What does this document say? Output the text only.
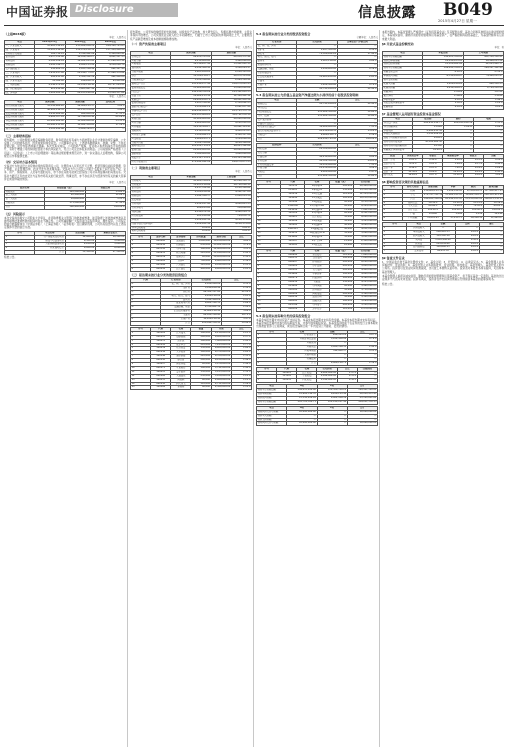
中国证券报 Disclosure	信息披露 B049
2015年4月27日 星期一
（上接B048版）
单位：人民币元
项目	2015年1-3月	2014年度	2013年度
一、营业总收入	45,620,318.24	213,409,856.11	188,520,743.65
减：营业成本	31,205,118.06	152,870,234.52	137,418,906.20
营业税金及附加	326,754.12	1,518,422.06	1,340,865.41
销售费用	2,417,352.80	10,856,340.27	9,621,507.33
管理费用	4,508,126.44	19,402,615.08	17,260,931.18
财务费用	1,092,546.37	4,820,153.91	4,156,208.74
资产减值损失	118,402.55	1,025,316.40	862,147.90
二、营业利润	5,952,017.90	22,916,773.87	17,860,176.89
加：营业外收入	206,415.00	1,308,552.16	962,480.00
减：营业外支出	12,360.48	186,209.53	95,412.66
三、利润总额	6,146,072.42	24,039,116.50	18,727,244.23
减：所得税费用	921,910.86	3,605,867.48	2,809,086.63
四、净利润	5,224,161.56	20,433,249.02	15,918,157.60
单位：人民币元
项目	期末余额	期初余额	变动比例
经营活动现金流入	52,318,604.20	49,806,215.37	5.04%
经营活动现金流出	46,902,118.55	45,113,470.82	3.96%
投资活动现金流入	1,250,000.00	980,000.00	27.55%
投资活动现金流出	8,604,327.16	12,516,830.44	-31.26%
筹资活动现金流入	20,000,000.00	15,000,000.00	33.33%
筹资活动现金流出	16,480,215.63	14,062,508.20	17.19%
现金净增加额	1,581,942.86	-5,906,593.27	—
（三）主要财务指标

报告期内，公司按照相关规定编制财务报表，财务报表在所有重大方面按照企业会计准则的规定编制，公允反映了公司的财务状况、经营成果和现金流量。公司董事会认为，上述财务数据真实、准确、完整，不存在虚假记载、误导性陈述或重大遗漏。本次交易完成后，公司的资产规模、营业收入和净利润水平将得到提升，有利于增强公司的持续经营能力和抗风险能力，符合公司及全体股东的利益。公司将继续严格按照《公司法》、《证券法》、《上市公司治理准则》等法律法规的要求规范运作，进一步完善法人治理结构，保障公司规范运作和健康发展。

（四）交易对方基本情况

交易对方为依法设立并有效存续的有限责任公司，注册资本人民币伍仟万元整，经营范围包括投资管理、资产管理、企业管理咨询、技术开发与技术服务等。交易对方与公司及公司前十名股东之间不存在产权、业务、资产、债权债务、人员等方面的关系，亦不存在其他可能或已经造成公司对其利益倾斜的其他关系。交易对方最近五年内未受过与证券市场有关的行政处罚、刑事处罚，亦不存在涉及与经济纠纷有关的重大民事诉讼或者仲裁的情况。

单位：人民币元
股东名称	持股数量（股）	持股比例
控股股东	128,560,000	35.62%
第二大股东	42,180,000	11.69%
第三大股东	18,600,000	5.15%
其他股东	171,560,000	47.54%
合计	360,900,000	100.00%
（五）风险提示

本次交易尚需提交公司股东大会审议，并需取得相关主管部门的批准或核准，能否取得上述批准或核准以及最终取得批准或核准的时间均存在不确定性。公司郑重提醒广大投资者注意投资风险，理性投资。公司指定的信息披露媒体为《中国证券报》、《上海证券报》、《证券时报》及巨潮资讯网，公司所有信息均以在上述指定媒体刊登的信息为准。

序号	项目名称	投资总额	募集资金投入
1	生产线技术改造项目	12,800.00	10,500.00
2	研发中心建设项目	6,500.00	5,200.00
3	营销网络建设项目	4,200.00	3,800.00
4	补充流动资金	8,000.00	8,000.00
	合计	31,500.00	27,500.00

特此公告。

报告期内，公司坚持稳健经营的发展战略，持续优化产品结构，加大研发投入，积极拓展市场渠道，主营业务保持平稳增长。公司实现营业总收入较上年同期增长，归属于上市公司股东的净利润同比上升，主要原因系产品销量增加及成本控制措施取得成效。

（一）资产负债表主要项目
单位：人民币元
项目	期末余额	期初余额
货币资金	86,420,315.82	84,838,372.96
应收票据	6,210,000.00	5,480,000.00
应收账款	38,516,207.44	35,902,861.13
预付款项	4,812,360.50	5,106,224.17
其他应收款	1,905,428.61	2,016,583.09
存货	52,306,118.27	49,870,514.66
其他流动资产	3,120,546.80	2,864,309.42
流动资产合计	193,290,977.44	186,078,865.43
长期股权投资	15,600,000.00	15,600,000.00
固定资产	142,816,354.09	145,302,618.55
在建工程	18,604,215.36	12,508,402.14
无形资产	26,480,100.72	26,912,450.38
长期待摊费用	1,205,316.40	1,318,062.25
递延所得税资产	2,108,642.19	2,061,837.44
非流动资产合计	206,814,628.76	203,703,370.76
资产总计	400,105,606.20	389,782,236.19
短期借款	45,000,000.00	40,000,000.00
应付票据	8,600,000.00	9,200,000.00
应付账款	32,418,506.27	30,862,114.95
预收款项	5,216,830.40	4,908,215.63
应付职工薪酬	3,108,642.15	4,520,317.86
应交税费	2,806,415.73	3,114,208.20
其他应付款	4,502,318.66	4,218,506.02
流动负债合计	101,652,713.21	96,823,362.66
长期借款	20,000,000.00	20,000,000.00
递延收益	3,560,000.00	3,680,000.00
负债合计	125,212,713.21	120,503,362.66
所有者权益合计	274,892,892.99	269,278,873.53
（二）利润表主要项目
单位：人民币元
项目	本期金额	上期金额
营业收入	45,620,318.24	41,206,518.73
营业成本	31,205,118.06	28,740,206.15
销售费用	2,417,352.80	2,210,508.62
管理费用	4,508,126.44	4,102,317.08
财务费用	1,092,546.37	1,008,214.56
投资收益	—	—
营业利润	5,952,017.90	4,820,615.33
营业外收入	206,415.00	158,000.00
利润总额	6,146,072.42	4,960,204.71
所得税费用	921,910.86	744,030.71
净利润	5,224,161.56	4,216,174.00
归属于母公司净利润	5,224,161.56	4,216,174.00
基本每股收益	0.0145	0.0117
稀释每股收益	0.0145	0.0117
序号	证券代码	证券简称	持有数量	期末市值	占比
1	600000	浦发银行	1,200,000	18,936,000.00	4.62%
2	600036	招商银行	850,000	15,402,000.00	3.76%
3	601318	中国平安	160,000	12,808,000.00	3.13%
4	000651	格力电器	220,000	11,946,000.00	2.92%
5	600519	贵州茅台	40,000	10,408,000.00	2.54%
6	000002	万科A	700,000	9,660,000.00	2.36%
7	601166	兴业银行	520,000	8,814,000.00	2.15%
8	600016	民生银行	900,000	8,406,000.00	2.05%
（三）报告期末按行业分类的股票投资组合
代码	行业类别	公允价值	占比
A	农、林、牧、渔业	2,106,418.00	0.51%
B	采矿业	5,418,206.40	1.32%
C	制造业	86,502,317.62	21.12%
D	电力、热力、燃气	4,206,118.00	1.03%
E	建筑业	3,814,506.20	0.93%
F	批发和零售业	6,902,314.55	1.69%
G	交通运输、仓储	4,518,602.30	1.10%
I	信息技术服务业	12,604,218.16	3.08%
J	金融业	68,420,516.80	16.71%
K	房地产业	14,206,118.42	3.47%
	合计	208,699,336.45	50.96%
序号	代码	名称	数量	市值	占比
1	300124	汇川技术	180,000	9,216,000.00	2.25%
2	002415	海康威视	240,000	8,904,000.00	2.17%
3	300070	碧水源	160,000	7,808,000.00	1.91%
4	002241	歌尔声学	210,000	7,245,000.00	1.77%
5	300059	东方财富	150,000	6,900,000.00	1.68%
6	002236	大华股份	190,000	6,574,000.00	1.61%
7	300146	汤臣倍健	220,000	6,358,000.00	1.55%
8	002450	康得新	200,000	6,120,000.00	1.49%
9	300017	网宿科技	90,000	5,976,000.00	1.46%
10	002475	立讯精密	180,000	5,742,000.00	1.40%
11	300015	爱尔眼科	150,000	5,415,000.00	1.32%
12	002008	大族激光	230,000	5,106,000.00	1.25%
13	300033	同花顺	60,000	4,968,000.00	1.21%
14	002230	科大讯飞	110,000	4,752,000.00	1.16%
15	300104	乐视网	80,000	4,560,000.00	1.11%
5.2 报告期末按行业分类的股票投资组合
金额单位：人民币元
行业类别	公允价值	占基金资产净值比例
农、林、牧、渔业	—	—
采矿业	1,267,300.00	0.30%
制造业	71,308,652.18	17.42%
电力、热力、燃气	—	—
建筑业	2,805,116.00	0.68%
批发和零售业	—	—
交通运输、仓储	1,618,400.00	0.39%
住宿和餐饮业	—	—
信息技术服务业	11,605,200.00	2.83%
金融业	—	—
房地产业	3,204,500.00	0.78%
合计	91,791,168.18	22.40%
5.3 报告期末按公允价值占基金资产净值比例大小排序的前十名股票投资明细
项目	金额	占比
权益投资	91,791,168.18	22.40%
基金投资	—	—
固定收益投资	215,604,300.00	52.64%
其中：债券	215,604,300.00	52.64%
资产支持证券	—	—
金融衍生品投资	—	—
买入返售金融资产	30,000,000.00	7.33%
银行存款和结算备付金	62,418,206.55	15.24%
其他资产	9,806,118.72	2.39%
合计	409,619,793.45	100.00%
债券品种	公允价值	占比
国家债券	20,306,000.00	4.96%
央行票据	—	—
金融债券	40,218,000.00	9.82%
企业债券	98,504,300.00	24.05%
企业短期融资券	30,120,000.00	7.35%
中期票据	20,456,000.00	4.99%
可转债	6,000,000.00	1.47%
合计	215,604,300.00	52.64%
序号	代码	名称	数量（张）	公允价值
1	122152	12国电01	200,000	20,408,000.00
2	019405	14国债05	150,000	15,130,500.00
3	122236	12苏交通	120,000	12,144,000.00
4	124290	13宁城投	100,000	10,230,000.00
5	112198	14海航债	90,000	9,216,000.00
6	1382088	13中电MTN1	80,000	8,184,000.00
7	041458	14首钢CP	70,000	7,042,000.00
8	122328	13华电01	60,000	6,102,000.00
9	110023	民生转债	50,000	6,000,000.00
10	124506	14吉城建	50,000	5,105,000.00
11	122285	13海通01	40,000	4,068,000.00
12	1480123	14渝城投债	40,000	4,052,000.00
13	101451	14陕煤化MTN	30,000	3,060,000.00
14	041460	14华能CP	30,000	3,012,000.00
15	122307	13广汽01	25,000	2,540,000.00
16	124385	13昆交投	20,000	2,030,000.00
序号	代码	名称	数量（股）	公允价值
1	600690	青岛海尔	320,000	7,680,000.00
2	000333	美的集团	180,000	7,020,000.00
3	600887	伊利股份	200,000	6,200,000.00
4	002024	苏宁云商	400,000	5,600,000.00
5	600104	上汽集团	200,000	4,940,000.00
6	601688	华泰证券	180,000	4,680,000.00
7	600276	恒瑞医药	100,000	4,360,000.00
8	000858	五粮液	150,000	4,125,000.00
9	601888	中国国旅	80,000	3,960,000.00
10	002304	洋河股份	50,000	3,750,000.00
11	600406	国电南瑞	200,000	3,560,000.00
12	000538	云南白药	50,000	3,500,000.00
13	600585	海螺水泥	160,000	3,264,000.00
14	601766	中国南车	400,000	3,120,000.00
15	600309	万华化学	120,000	2,976,000.00
5.4 报告期末按券种分类的债券投资组合

本基金本报告期末未持有资产支持证券。本基金本报告期末未持有贵金属。本基金本报告期末未持有权证。本基金本报告期内未参与股指期货交易，未参与国债期货投资。本基金投资的前十名证券的发行主体本期未出现被监管部门立案调查，或在报告编制日前一年内受到公开谴责、处罚的情形。

序号	名称	金额	占比
1	存出保证金	286,415.20	0.07%
2	应收证券清算款	3,104,506.80	0.76%
3	应收股利	—	—
4	应收利息	5,820,316.55	1.42%
5	应收申购款	594,880.17	0.15%
6	其他应收款	—	—
7	待摊费用	—	—
8	合计	9,806,118.72	2.39%
序号	代码	名称	公允价值	占比	受限情况
1	110023	民生转债	6,000,000.00	1.47%	—
2	113005	平安转债	2,160,000.00	0.53%	—
3	110015	石化转债	1,540,000.00	0.38%	—
项目	A类	C类	合计
期初基金份额总额	286,415,208.60	104,506,318.22	390,921,526.82
期间申购份额	12,604,318.55	8,206,115.40	20,810,433.95
期间赎回份额	15,318,206.44	9,802,416.18	25,120,622.62
期末基金份额总额	283,701,320.71	102,910,017.44	386,611,338.15
项目	A类	C类	合计
期初管理人持有份额	10,000,000.00	—	10,000,000.00
期间买入份额	—	—	—
期间卖出份额	—	—	—
期末管理人持有份额	10,000,000.00	—	10,000,000.00

本报告期内，本基金管理人严格遵守《证券投资基金法》及其配套法规、基金合同和其他相关法律法规的规定，本着诚实信用、勤勉尽责的原则管理和运用基金资产，在严格控制风险的基础上，为基金份额持有人谋求最大利益。

§6 开放式基金份额变动
单位：份
项目	本报告期	上年同期
期初基金份额总额	390,921,526.82	402,516,308.41
期间总申购份额	20,810,433.95	18,406,215.30
期间总赎回份额	25,120,622.62	22,815,420.77
期末基金份额总额	386,611,338.15	398,107,102.94
份额变动比例	-1.10%	-1.10%
申购赎回净额	-4,310,188.67	-4,409,205.47
拆分变动份额	—	—
转换入份额	1,206,418.20	980,316.55
转换出份额	2,418,306.15	1,704,518.20
份额净值	1.0526	1.0318
累计净值	1.1826	1.1618
净值增长率	2.03%	1.46%
业绩比较基准收益率	1.85%	1.22%
超额收益	0.18%	0.24%
§7 基金管理人运用固有资金投资本基金情况
项目	报告期	期初	增减
基金资产净值	406,938,018.73	400,815,204.16	1.53%
基金份额净值	1.0526	1.0253	2.66%
本期利润	8,206,415.38	—	—
本期已实现收益	5,318,206.44	—	—
加权平均份额本期利润	0.0211	—	—
期末可供分配利润	50,326,680.58	—	—
期末可供分配份额利润	0.1302	—	—
份额累计净值增长率	18.26%	—	—
阶段	净值增长率	标准差	基准收益率	标准差	差额
过去三个月	2.03%	0.18%	1.85%	0.15%	0.18%
过去六个月	4.12%	0.21%	3.64%	0.17%	0.48%
过去一年	8.46%	0.23%	7.20%	0.19%	1.26%
过去三年	15.30%	0.26%	12.85%	0.21%	2.45%
成立以来	18.26%	0.27%	15.02%	0.22%	3.24%
§8 影响投资者决策的其他重要信息
序号	持有人类别	期初份额	申购	赎回	期末份额
1	机构	118,604,215.30	5,206,418.00	6,318,206.15	117,492,427.15
2	个人	272,317,311.52	15,604,015.95	18,802,416.47	269,118,911.00
3	合计	390,921,526.82	20,810,433.95	25,120,622.62	386,611,338.15
4	机构占比	30.34%	25.02%	25.15%	30.39%
5	个人占比	69.66%	74.98%	74.85%	69.61%
6	合计占比	100.00%	100.00%	100.00%	100.00%
7	户数	12,608	1,206	1,518	12,296
8	户均份额	31,005.83	17,255.75	16,548.50	31,441.07
序号	项目	金额	比例	备注
1	认购费收入	—	—	—
2	申购费收入	206,418.55	0.05%	—
3	赎回费收入	118,302.16	0.03%	—
4	管理费	1,218,206.40	0.30%	—
5	托管费	203,034.40	0.05%	—
6	销售服务费	102,608.15	0.03%	—
7	交易费用	86,415.30	0.02%	—
§9 备查文件目录

1、中国证监会准予基金注册的文件；2、基金合同；3、托管协议；4、法律意见书；5、基金管理人业务资格批件、营业执照；6、基金托管人业务资格批件、营业执照。存放地点：基金管理人、基金托管人的办公场所。投资者可在营业时间免费查阅，也可按工本费购买复印件。投资者对本报告书如有疑问，可咨询本基金管理人。

本基金管理人承诺以诚实信用、勤勉尽责的原则管理和运用基金资产，但不保证基金一定盈利。基金的过往业绩并不代表其未来表现。投资有风险，投资者在作出投资决策前应仔细阅读本基金的招募说明书。

特此公告。
